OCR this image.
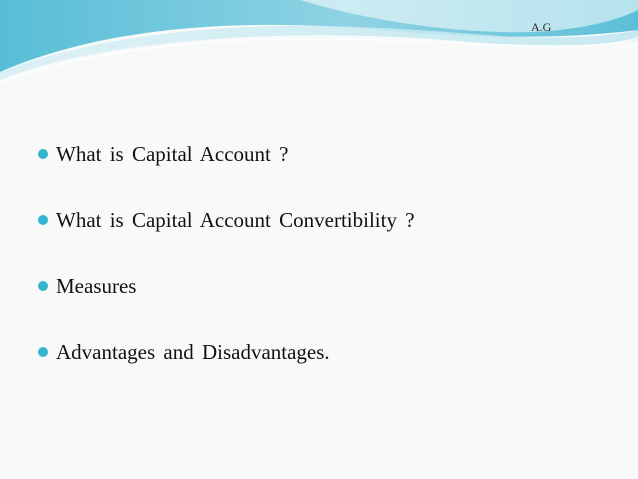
A.G
What is Capital Account ?
What is Capital Account Convertibility ?
Measures
Advantages and Disadvantages.
